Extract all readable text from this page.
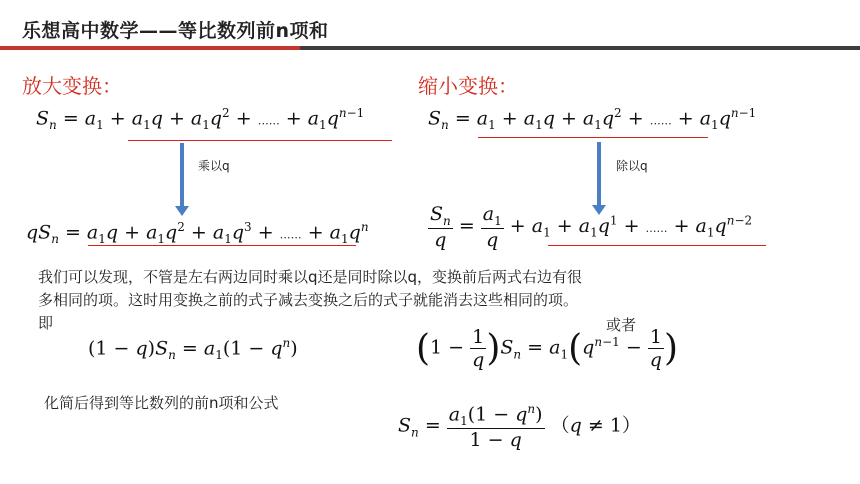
乐想高中数学——等比数列前n项和
放大变换：	缩小变换：
$S_n = a_1 + a_1q + a_1q^2$ + …… + $a_1q^{n-1}$	$S_n = a_1 + a_1q + a_1q^2$ + …… + $a_1q^{n-1}$
乘以q	除以q
$qS_n = a_1q + a_1q^2 + a_1q^3$ + …… + $a_1q^n$	$\frac{S_n}{q} = \frac{a_1}{q} + a_1 + a_1q^1$ + …… + $a_1q^{n-2}$
我们可以发现，不管是左右两边同时乘以q还是同时除以q，变换前后两式右边有很
多相同的项。这时用变换之前的式子减去变换之后的式子就能消去这些相同的项。
即
$(1 - q)S_n = a_1(1 - q^n)$
或者
$(1 - \frac{1}{q} )S_n = a_1(q^{n-1} - \frac{1}{q}$ )
化简后得到等比数列的前n项和公式
$S_n = \frac{a_1(1 - q^n)}{1 - q} (q \ne 1)$
